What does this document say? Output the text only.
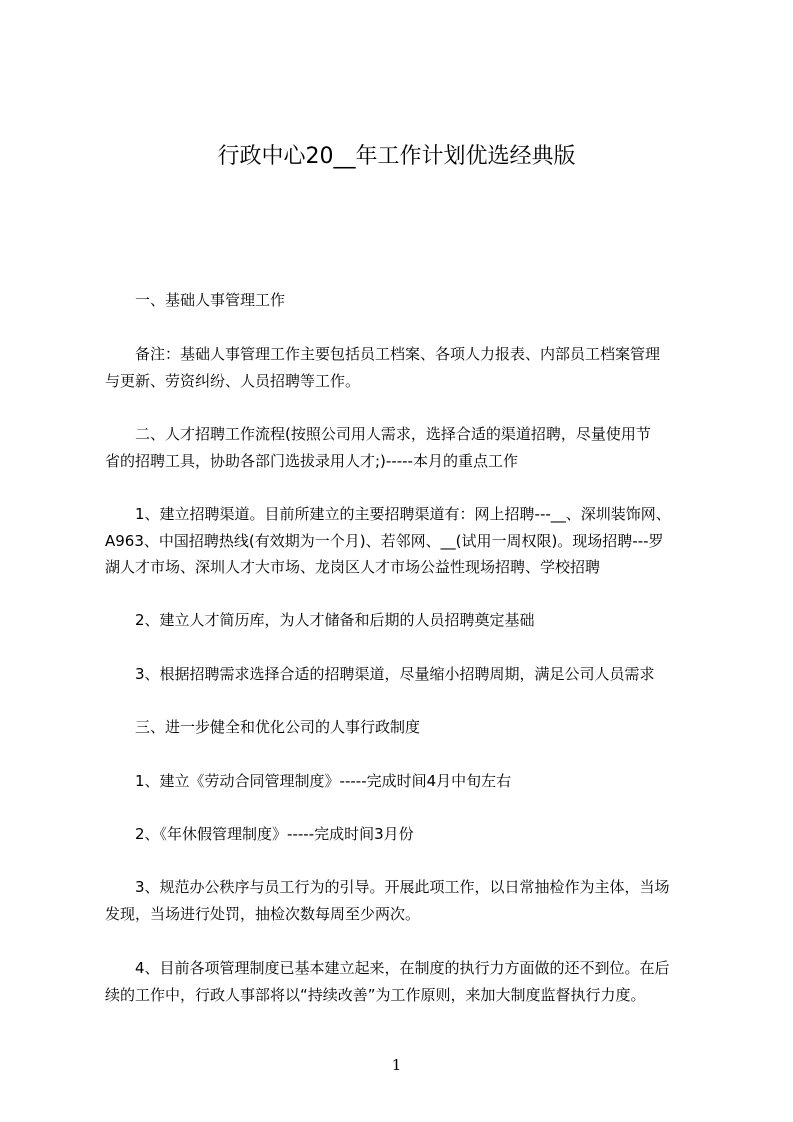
行政中心20__年工作计划优选经典版
　　一、基础人事管理工作
　　备注：基础人事管理工作主要包括员工档案、各项人力报表、内部员工档案管理
与更新、劳资纠纷、人员招聘等工作。
　　二、人才招聘工作流程(按照公司用人需求，选择合适的渠道招聘，尽量使用节
省的招聘工具，协助各部门选拔录用人才;)-----本月的重点工作
　　1、建立招聘渠道。目前所建立的主要招聘渠道有：网上招聘---__、深圳装饰网、
A963、中国招聘热线(有效期为一个月)、若邻网、__(试用一周权限)。现场招聘---罗
湖人才市场、深圳人才大市场、龙岗区人才市场公益性现场招聘、学校招聘
　　2、建立人才简历库，为人才储备和后期的人员招聘奠定基础
　　3、根据招聘需求选择合适的招聘渠道，尽量缩小招聘周期，满足公司人员需求
　　三、进一步健全和优化公司的人事行政制度
　　1、建立《劳动合同管理制度》-----完成时间4月中旬左右
　　2、《年休假管理制度》-----完成时间3月份
　　3、规范办公秩序与员工行为的引导。开展此项工作，以日常抽检作为主体，当场
发现，当场进行处罚，抽检次数每周至少两次。
　　4、目前各项管理制度已基本建立起来，在制度的执行力方面做的还不到位。在后
续的工作中，行政人事部将以“持续改善”为工作原则，来加大制度监督执行力度。
1
